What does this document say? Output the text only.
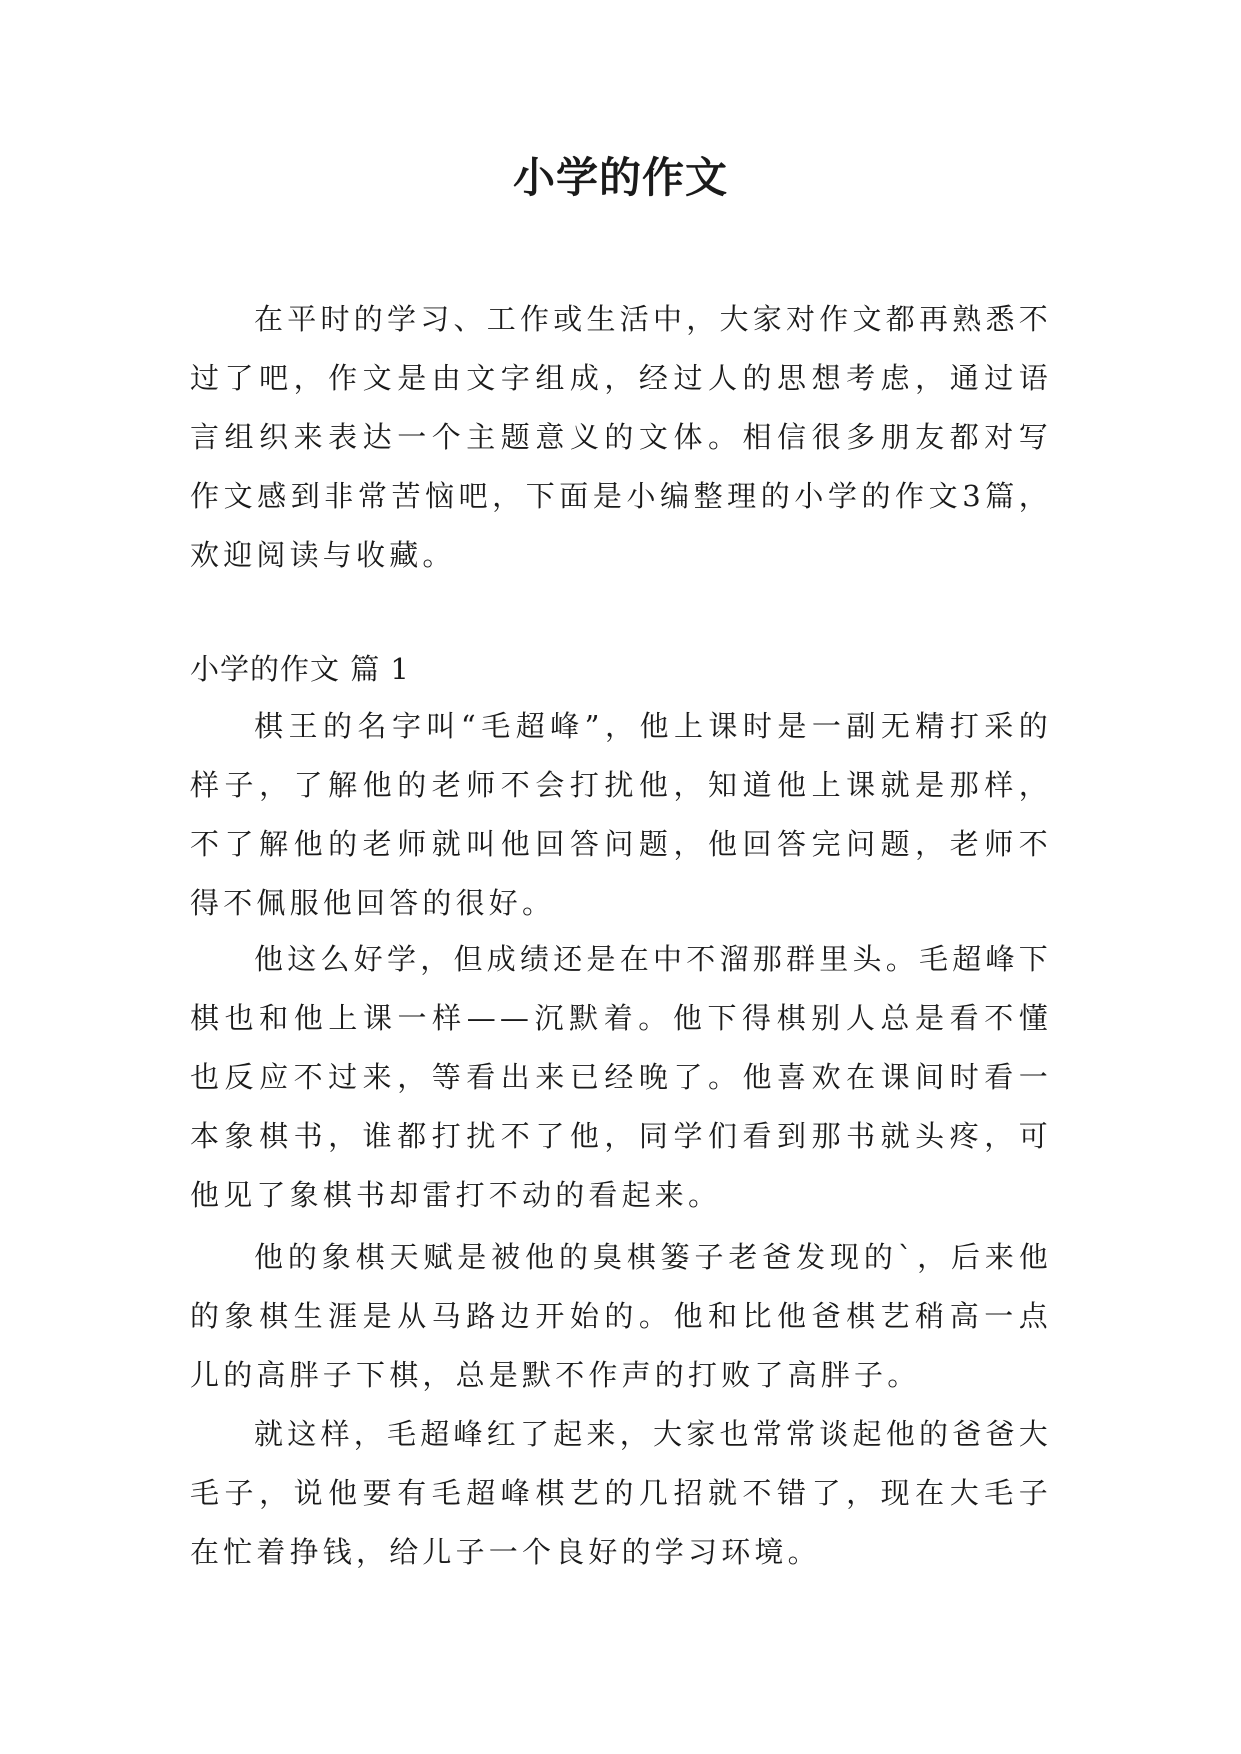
小学的作文

在平时的学习、工作或生活中，大家对作文都再熟悉不过了吧，作文是由文字组成，经过人的思想考虑，通过语言组织来表达一个主题意义的文体。相信很多朋友都对写作文感到非常苦恼吧，下面是小编整理的小学的作文3篇，欢迎阅读与收藏。

小学的作文 篇 1

棋王的名字叫“毛超峰”，他上课时是一副无精打采的样子，了解他的老师不会打扰他，知道他上课就是那样，不了解他的老师就叫他回答问题，他回答完问题，老师不得不佩服他回答的很好。

他这么好学，但成绩还是在中不溜那群里头。毛超峰下棋也和他上课一样——沉默着。他下得棋别人总是看不懂也反应不过来，等看出来已经晚了。他喜欢在课间时看一本象棋书，谁都打扰不了他，同学们看到那书就头疼，可他见了象棋书却雷打不动的看起来。

他的象棋天赋是被他的臭棋篓子老爸发现的`，后来他的象棋生涯是从马路边开始的。他和比他爸棋艺稍高一点儿的高胖子下棋，总是默不作声的打败了高胖子。

就这样，毛超峰红了起来，大家也常常谈起他的爸爸大毛子，说他要有毛超峰棋艺的几招就不错了，现在大毛子在忙着挣钱，给儿子一个良好的学习环境。
